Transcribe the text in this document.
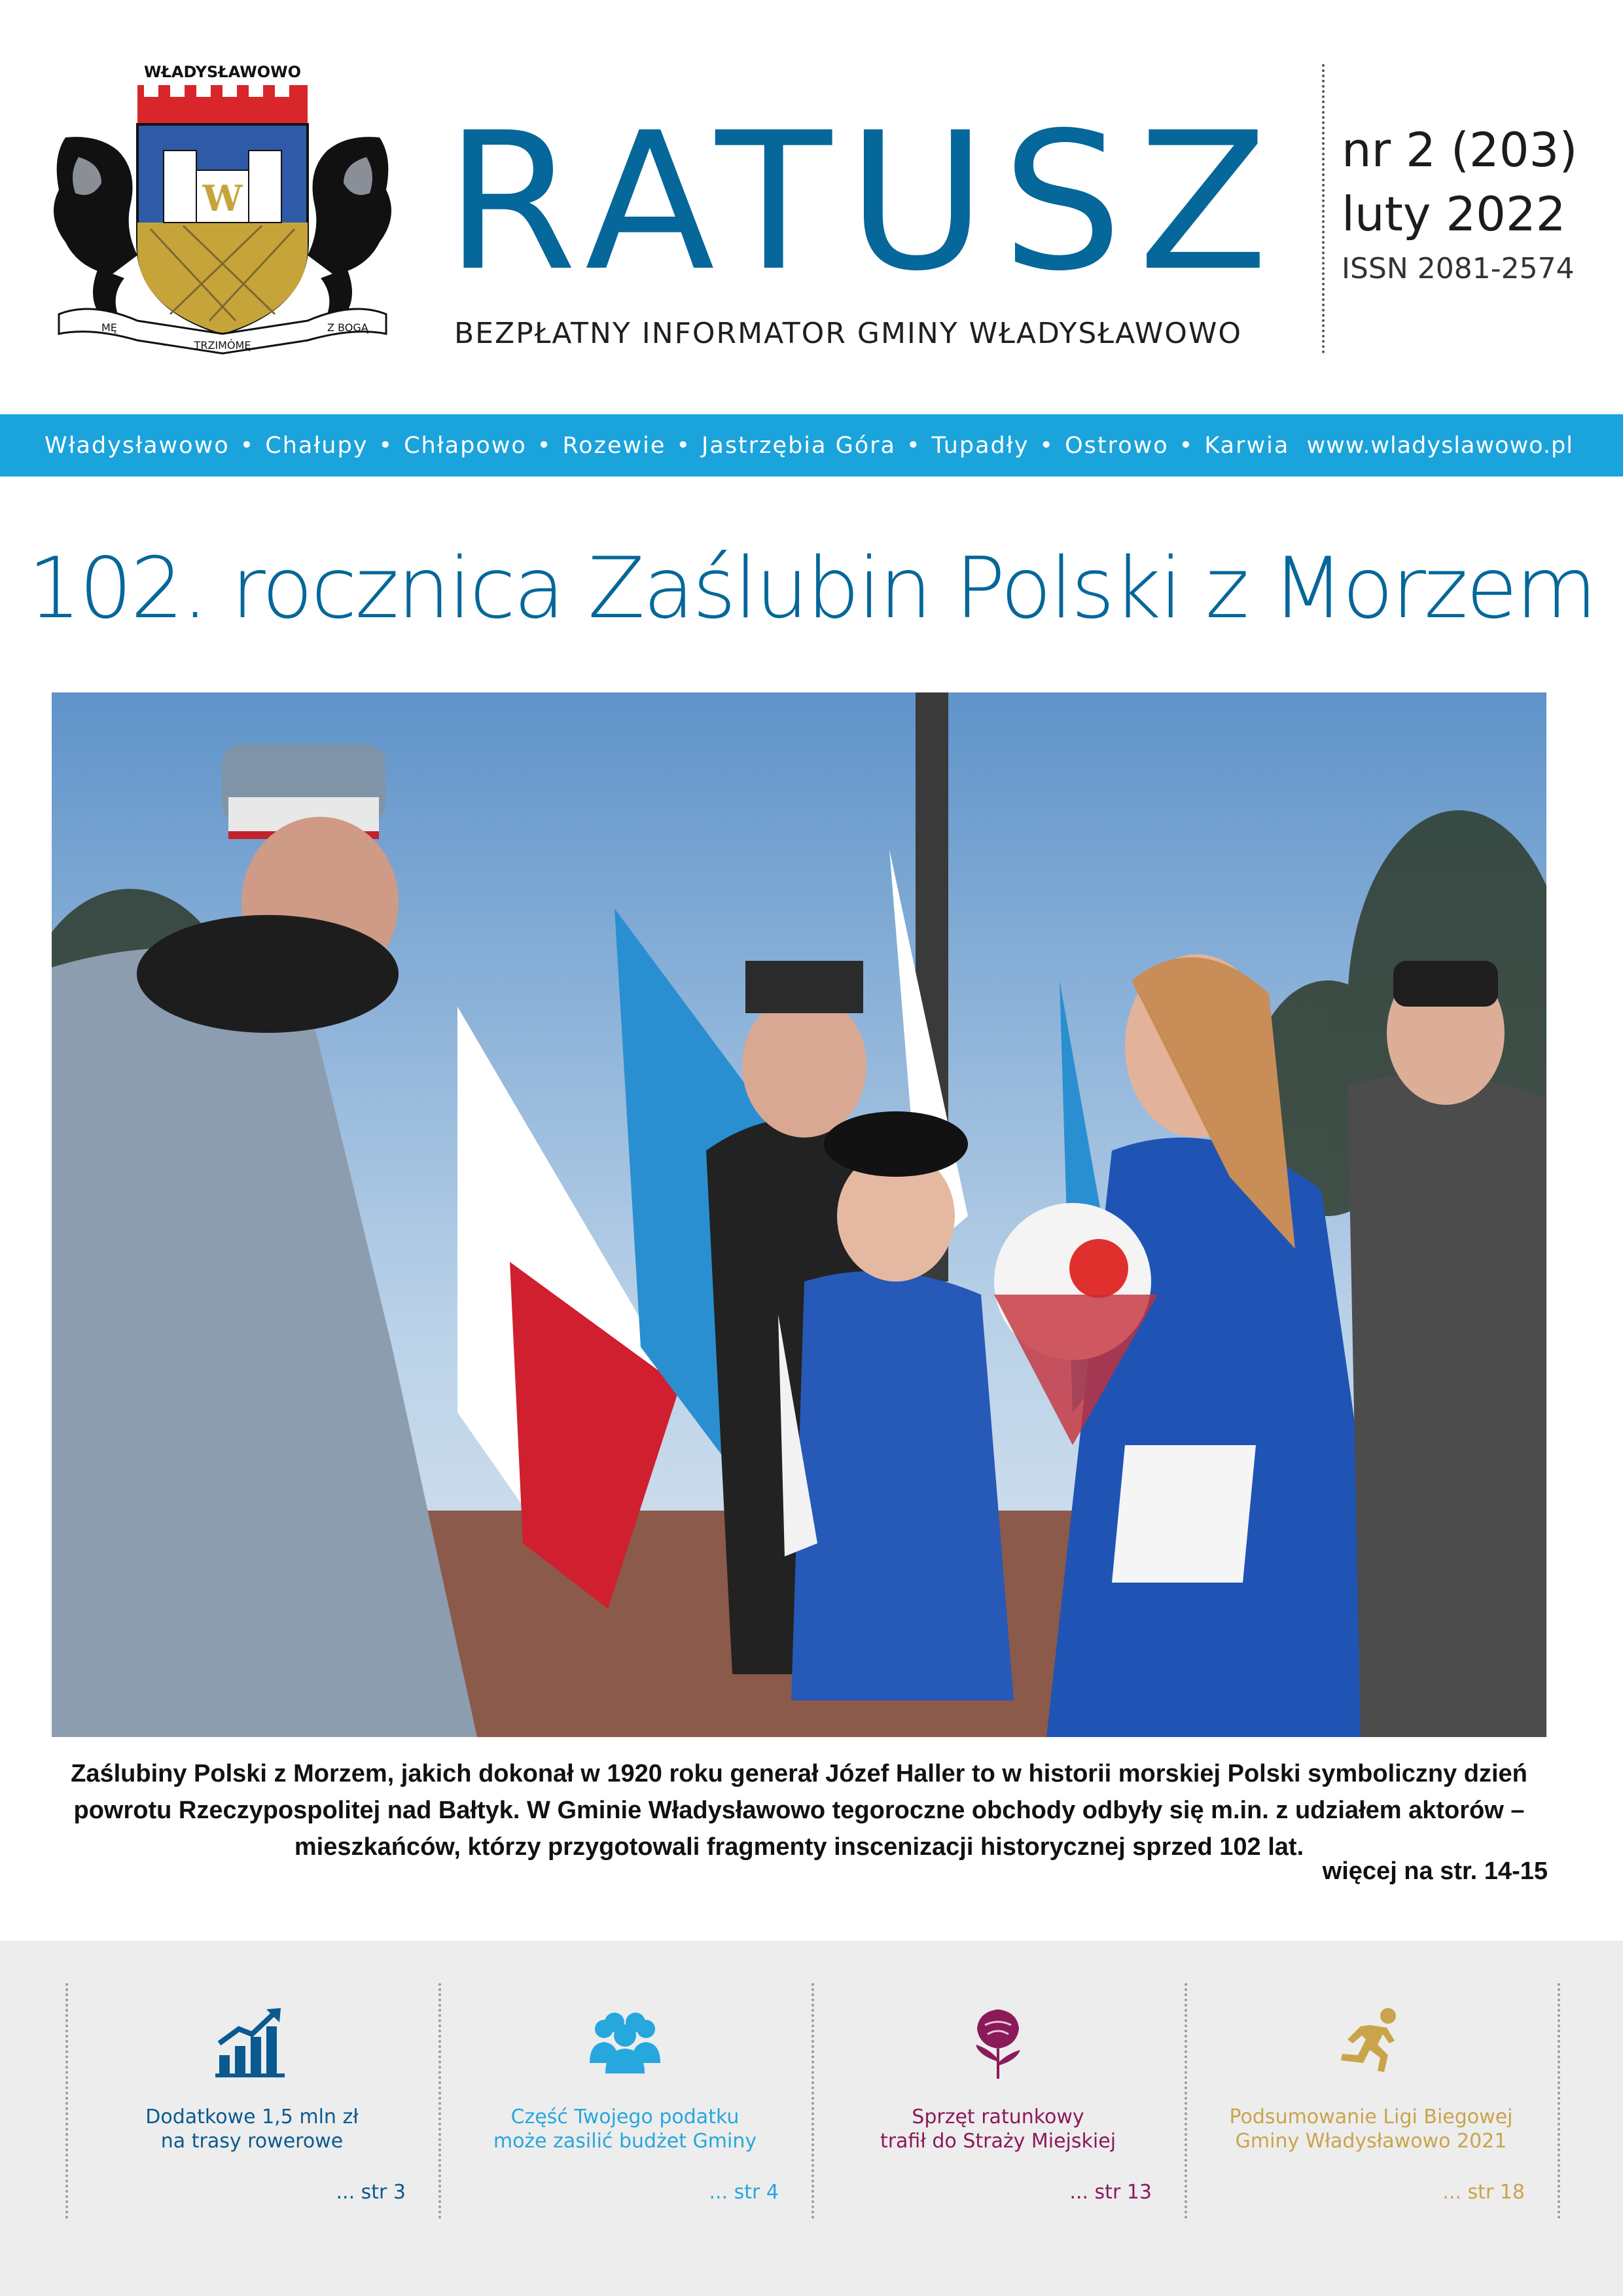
WŁADYSŁAWOWO
W
MĘ
TRZIMÓMĘ
Z BOGĄ
RATUSZ
BEZPŁATNY INFORMATOR GMINY WŁADYSŁAWOWO
nr 2 (203)
luty 2022
ISSN 2081-2574
Władysławowo • Chałupy • Chłapowo • Rozewie • Jastrzębia Góra • Tupadły • Ostrowo • Karwia www.wladyslawowo.pl
102. rocznica Zaślubin Polski z Morzem
Zaślubiny Polski z Morzem, jakich dokonał w 1920 roku generał Józef Haller to w historii morskiej Polski symboliczny dzień powrotu Rzeczypospolitej nad Bałtyk. W Gminie Władysławowo tegoroczne obchody odbyły się m.in. z udziałem aktorów – mieszkańców, którzy przygotowali fragmenty inscenizacji historycznej sprzed 102 lat.
więcej na str. 14-15
Dodatkowe 1,5 mln zł
na trasy rowerowe
... str 3
Część Twojego podatku
może zasilić budżet Gminy
... str 4
Sprzęt ratunkowy
trafił do Straży Miejskiej
... str 13
Podsumowanie Ligi Biegowej
Gminy Władysławowo 2021
... str 18
